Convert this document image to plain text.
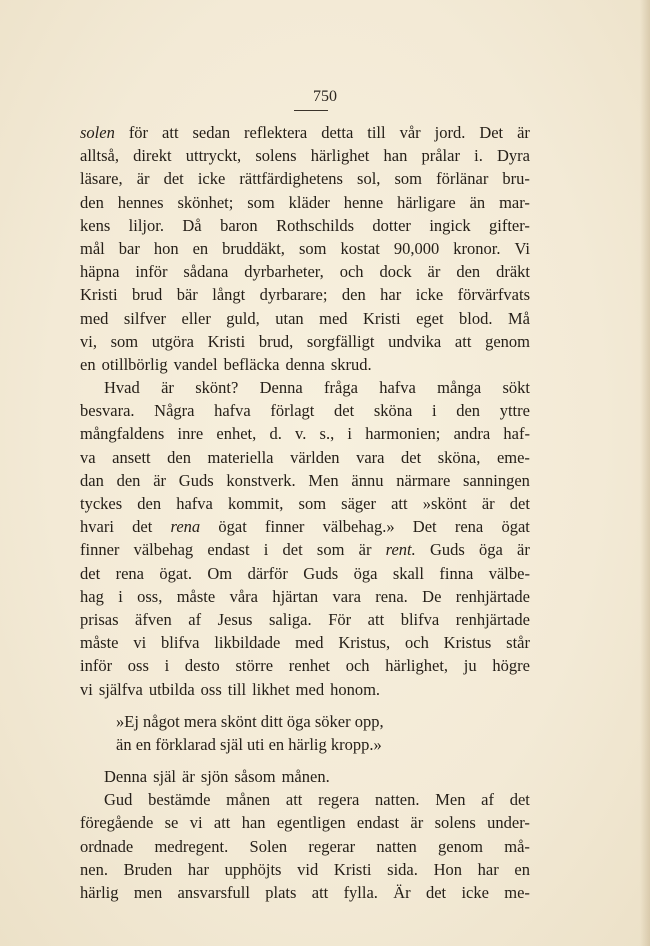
750
solen för att sedan reflektera detta till vår jord. Det är
alltså, direkt uttryckt, solens härlighet han prålar i. Dyra
läsare, är det icke rättfärdighetens sol, som förlänar bru-
den hennes skönhet; som kläder henne härligare än mar-
kens liljor. Då baron Rothschilds dotter ingick gifter-
mål bar hon en bruddäkt, som kostat 90,000 kronor. Vi
häpna inför sådana dyrbarheter, och dock är den dräkt
Kristi brud bär långt dyrbarare; den har icke förvärfvats
med silfver eller guld, utan med Kristi eget blod. Må
vi, som utgöra Kristi brud, sorgfälligt undvika att genom
en otillbörlig vandel befläcka denna skrud.
Hvad är skönt? Denna fråga hafva många sökt
besvara. Några hafva förlagt det sköna i den yttre
mångfaldens inre enhet, d. v. s., i harmonien; andra haf-
va ansett den materiella världen vara det sköna, eme-
dan den är Guds konstverk. Men ännu närmare sanningen
tyckes den hafva kommit, som säger att »skönt är det
hvari det rena ögat finner välbehag.» Det rena ögat
finner välbehag endast i det som är rent. Guds öga är
det rena ögat. Om därför Guds öga skall finna välbe-
hag i oss, måste våra hjärtan vara rena. De renhjärtade
prisas äfven af Jesus saliga. För att blifva renhjärtade
måste vi blifva likbildade med Kristus, och Kristus står
inför oss i desto större renhet och härlighet, ju högre
vi själfva utbilda oss till likhet med honom.
»Ej något mera skönt ditt öga söker opp,
än en förklarad själ uti en härlig kropp.»
Denna själ är sjön såsom månen.
Gud bestämde månen att regera natten. Men af det
föregående se vi att han egentligen endast är solens under-
ordnade medregent. Solen regerar natten genom må-
nen. Bruden har upphöjts vid Kristi sida. Hon har en
härlig men ansvarsfull plats att fylla. Är det icke me-
